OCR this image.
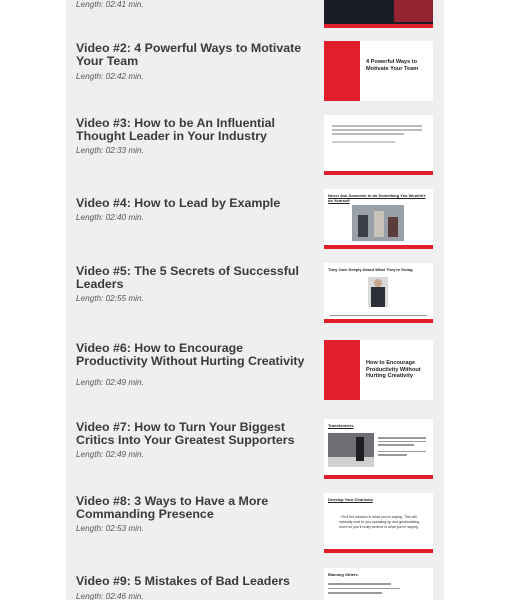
Length: 02:41 min.
Video #2: 4 Powerful Ways to Motivate Your Team
Length: 02:42 min.
4 Powerful Ways to Motivate Your Team
Video #3: How to be An Influential Thought Leader in Your Industry
Length: 02:33 min.
Video #4: How to Lead by Example
Length: 02:40 min.
Never Ask Someone to do Something You Wouldn't do Yourself
Video #5: The 5 Secrets of Successful Leaders
Length: 02:55 min.
They Care Deeply About What They're Doing
Video #6: How to Encourage Productivity Without Hurting Creativity
Length: 02:49 min.
How to Encourage Productivity Without Hurting Creativity
Video #7: How to Turn Your Biggest Critics Into Your Greatest Supporters
Length: 02:49 min.
Transformers
Video #8: 3 Ways to Have a More Commanding Presence
Length: 02:53 min.
Develop Your Charisma
Find the passion in what you're saying. This will naturally lead to you speaking up and gesticulating more so you'll really believe in what you're saying.
Video #9: 5 Mistakes of Bad Leaders
Length: 02:46 min.
Blaming Others
